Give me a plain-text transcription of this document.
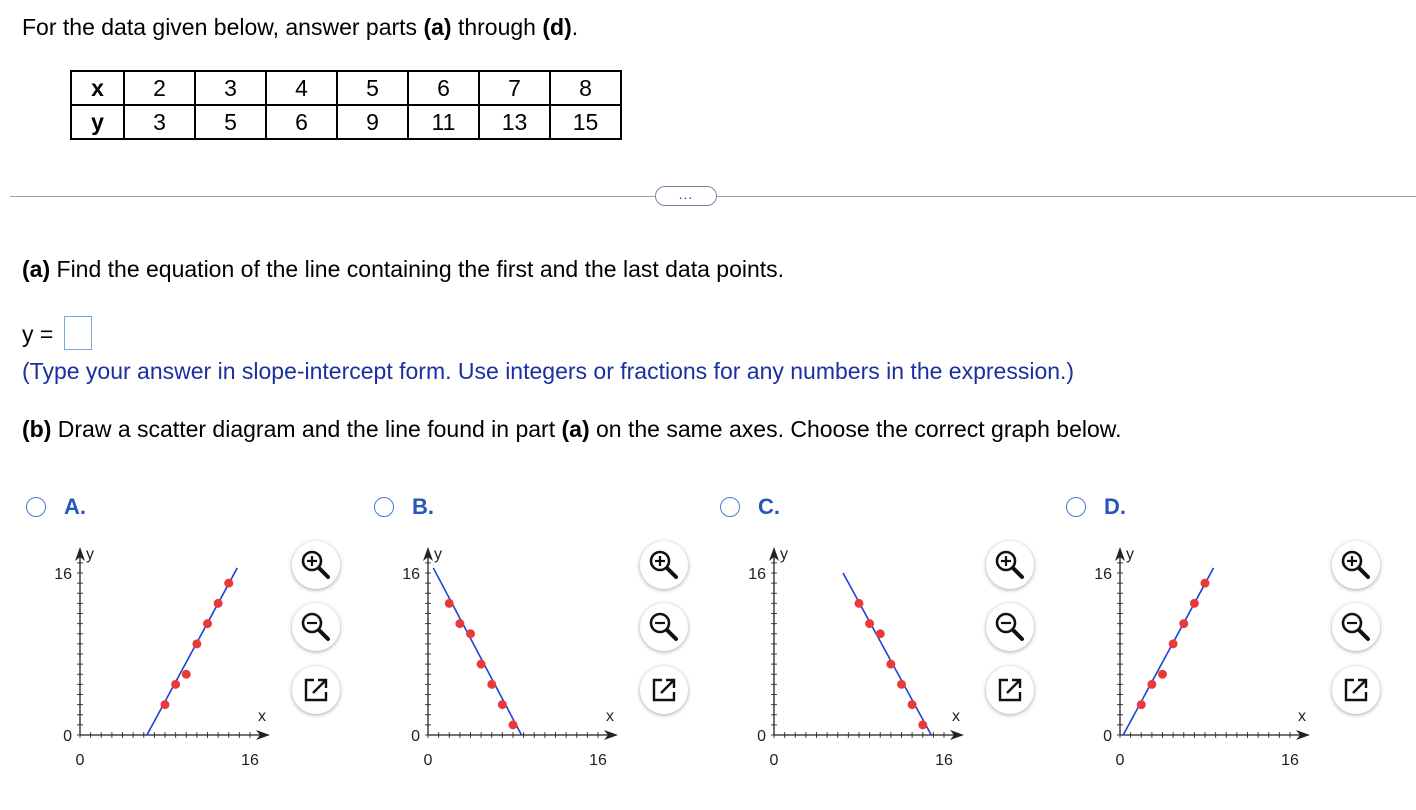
For the data given below, answer parts (a) through (d).
x	2	3	4	5	6	7	8
y	3	5	6	9	11	13	15
...
(a) Find the equation of the line containing the first and the last data points.
y =
(Type your answer in slope-intercept form. Use integers or fractions for any numbers in the expression.)
(b) Draw a scatter diagram and the line found in part (a) on the same axes. Choose the correct graph below.
A.
y
16
0
0	16
x
B.
y
16
0
0	16
x
C.
y
16
0
0	16
x
D.
y
16
0
0	16
x
